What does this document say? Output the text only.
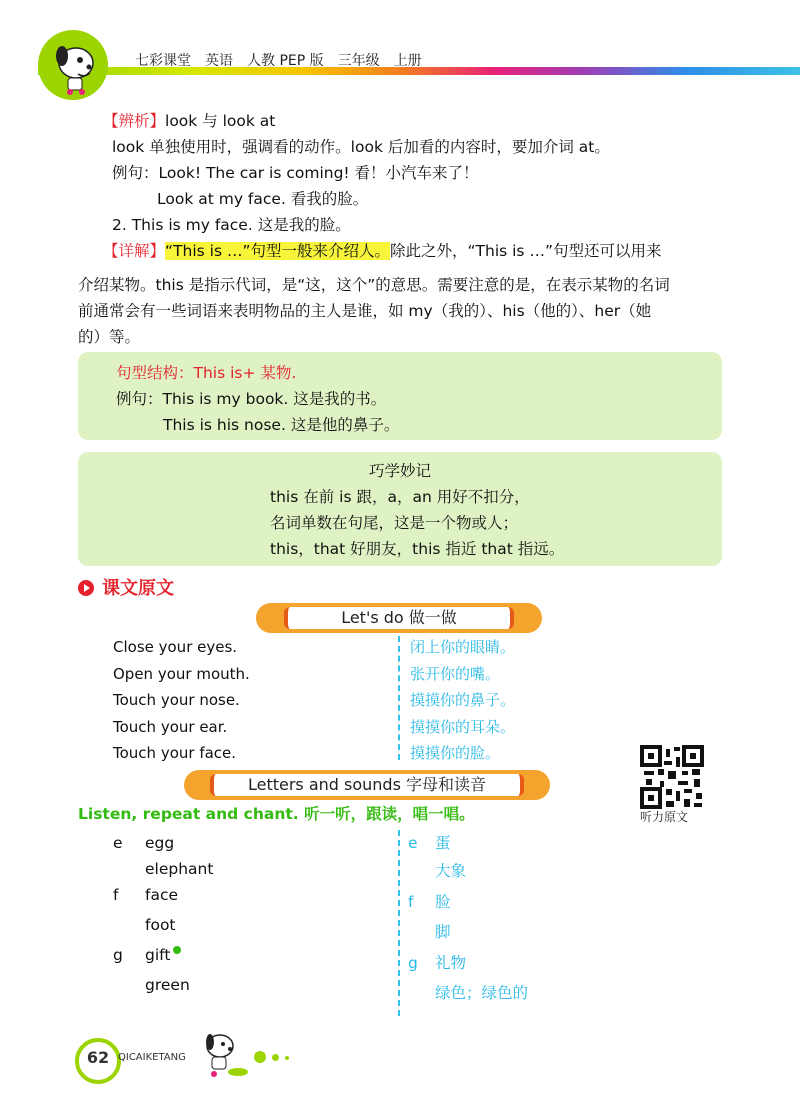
七彩课堂　英语　人教 PEP 版　三年级　上册
【辨析】look 与 look at
look 单独使用时，强调看的动作。look 后加看的内容时，要加介词 at。
例句：Look! The car is coming! 看！小汽车来了！
Look at my face. 看我的脸。
2. This is my face. 这是我的脸。
【详解】“This is …”句型一般来介绍人。除此之外，“This is …”句型还可以用来
介绍某物。this 是指示代词，是“这，这个”的意思。需要注意的是，在表示某物的名词
前通常会有一些词语来表明物品的主人是谁，如 my（我的）、his（他的）、her（她
的）等。
句型结构：This is+ 某物.
例句：This is my book. 这是我的书。
This is his nose. 这是他的鼻子。
巧学妙记
this 在前 is 跟，a，an 用好不扣分，
名词单数在句尾，这是一个物或人；
this，that 好朋友，this 指近 that 指远。
课文原文
Let's do 做一做
Close your eyes.
Open your mouth.
Touch your nose.
Touch your ear.
Touch your face.
闭上你的眼睛。
张开你的嘴。
摸摸你的鼻子。
摸摸你的耳朵。
摸摸你的脸。
听力原文
Letters and sounds 字母和读音
Listen, repeat and chant. 听一听，跟读，唱一唱。
e egg
elephant
f face
foot
g gift
green
e 蛋
大象
f 脸
脚
g 礼物
绿色；绿色的
62 QICAIKETANG
